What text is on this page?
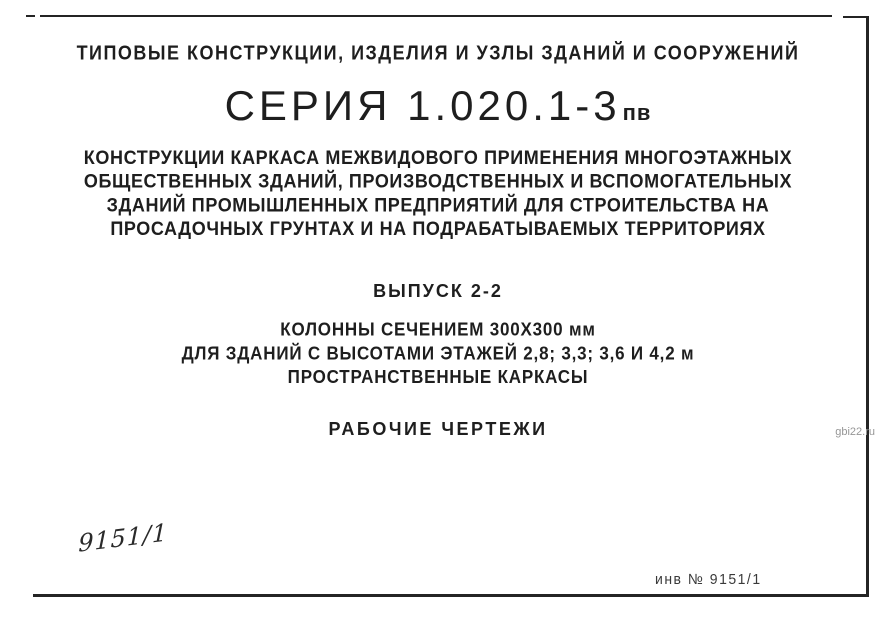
ТИПОВЫЕ КОНСТРУКЦИИ, ИЗДЕЛИЯ И УЗЛЫ ЗДАНИЙ И СООРУЖЕНИЙ
СЕРИЯ 1.020.1-3пв
КОНСТРУКЦИИ КАРКАСА МЕЖВИДОВОГО ПРИМЕНЕНИЯ МНОГОЭТАЖНЫХ
ОБЩЕСТВЕННЫХ ЗДАНИЙ, ПРОИЗВОДСТВЕННЫХ И ВСПОМОГАТЕЛЬНЫХ
ЗДАНИЙ ПРОМЫШЛЕННЫХ ПРЕДПРИЯТИЙ ДЛЯ СТРОИТЕЛЬСТВА НА
ПРОСАДОЧНЫХ ГРУНТАХ И НА ПОДРАБАТЫВАЕМЫХ ТЕРРИТОРИЯХ
ВЫПУСК 2-2
КОЛОННЫ СЕЧЕНИЕМ 300Х300 мм
ДЛЯ ЗДАНИЙ С ВЫСОТАМИ ЭТАЖЕЙ 2,8; 3,3; 3,6 И 4,2 м
ПРОСТРАНСТВЕННЫЕ КАРКАСЫ
РАБОЧИЕ ЧЕРТЕЖИ
9151/1
инв № 9151/1
gbi22.ru
